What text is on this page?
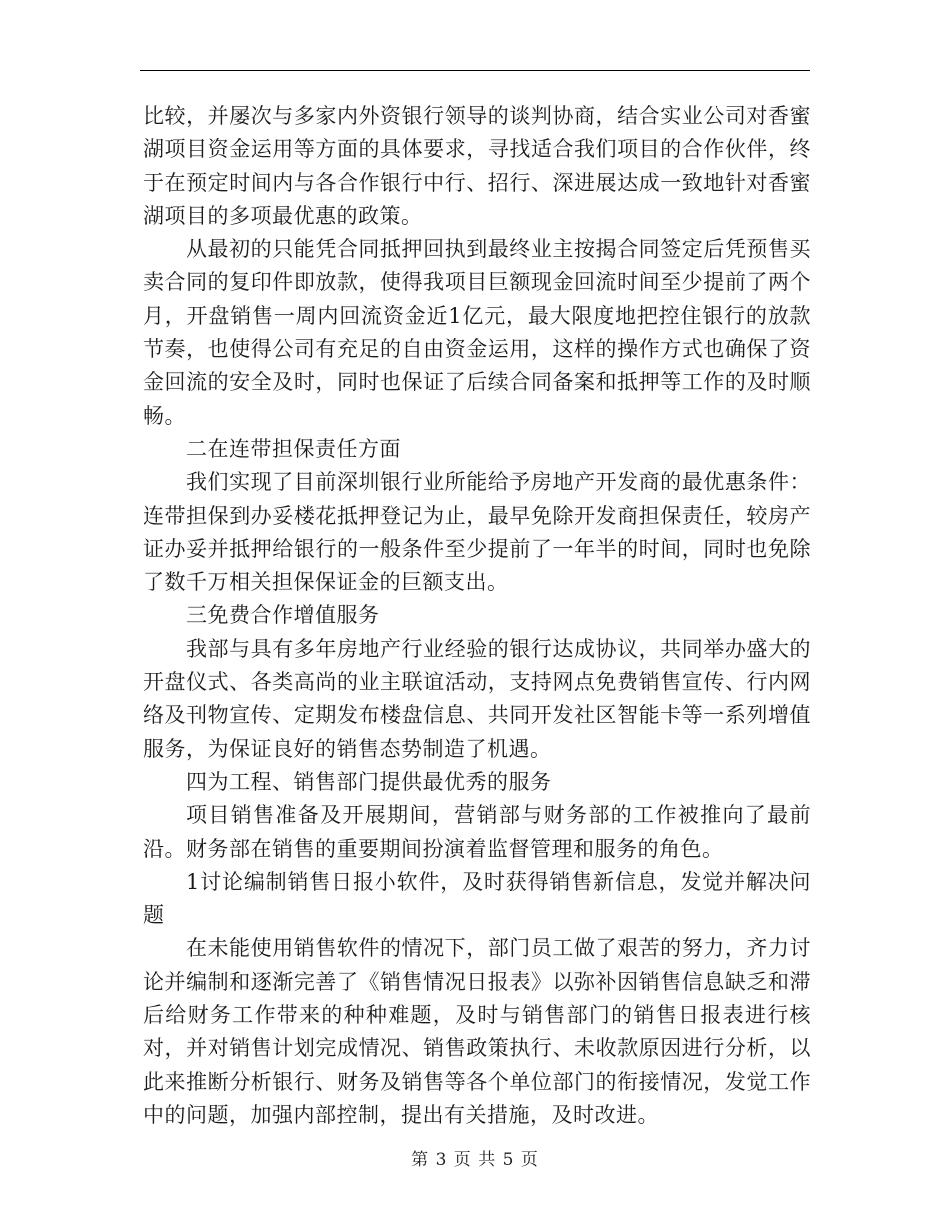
比较，并屡次与多家内外资银行领导的谈判协商，结合实业公司对香蜜湖项目资金运用等方面的具体要求，寻找适合我们项目的合作伙伴，终于在预定时间内与各合作银行中行、招行、深进展达成一致地针对香蜜湖项目的多项最优惠的政策。

从最初的只能凭合同抵押回执到最终业主按揭合同签定后凭预售买卖合同的复印件即放款，使得我项目巨额现金回流时间至少提前了两个月，开盘销售一周内回流资金近1亿元，最大限度地把控住银行的放款节奏，也使得公司有充足的自由资金运用，这样的操作方式也确保了资金回流的安全及时，同时也保证了后续合同备案和抵押等工作的及时顺畅。

二在连带担保责任方面

我们实现了目前深圳银行业所能给予房地产开发商的最优惠条件：连带担保到办妥楼花抵押登记为止，最早免除开发商担保责任，较房产证办妥并抵押给银行的一般条件至少提前了一年半的时间，同时也免除了数千万相关担保保证金的巨额支出。

三免费合作增值服务

我部与具有多年房地产行业经验的银行达成协议，共同举办盛大的开盘仪式、各类高尚的业主联谊活动，支持网点免费销售宣传、行内网络及刊物宣传、定期发布楼盘信息、共同开发社区智能卡等一系列增值服务，为保证良好的销售态势制造了机遇。

四为工程、销售部门提供最优秀的服务

项目销售准备及开展期间，营销部与财务部的工作被推向了最前沿。财务部在销售的重要期间扮演着监督管理和服务的角色。

1讨论编制销售日报小软件，及时获得销售新信息，发觉并解决问题

在未能使用销售软件的情况下，部门员工做了艰苦的努力，齐力讨论并编制和逐渐完善了《销售情况日报表》以弥补因销售信息缺乏和滞后给财务工作带来的种种难题，及时与销售部门的销售日报表进行核对，并对销售计划完成情况、销售政策执行、未收款原因进行分析，以此来推断分析银行、财务及销售等各个单位部门的衔接情况，发觉工作中的问题，加强内部控制，提出有关措施，及时改进。

第 3 页 共 5 页
